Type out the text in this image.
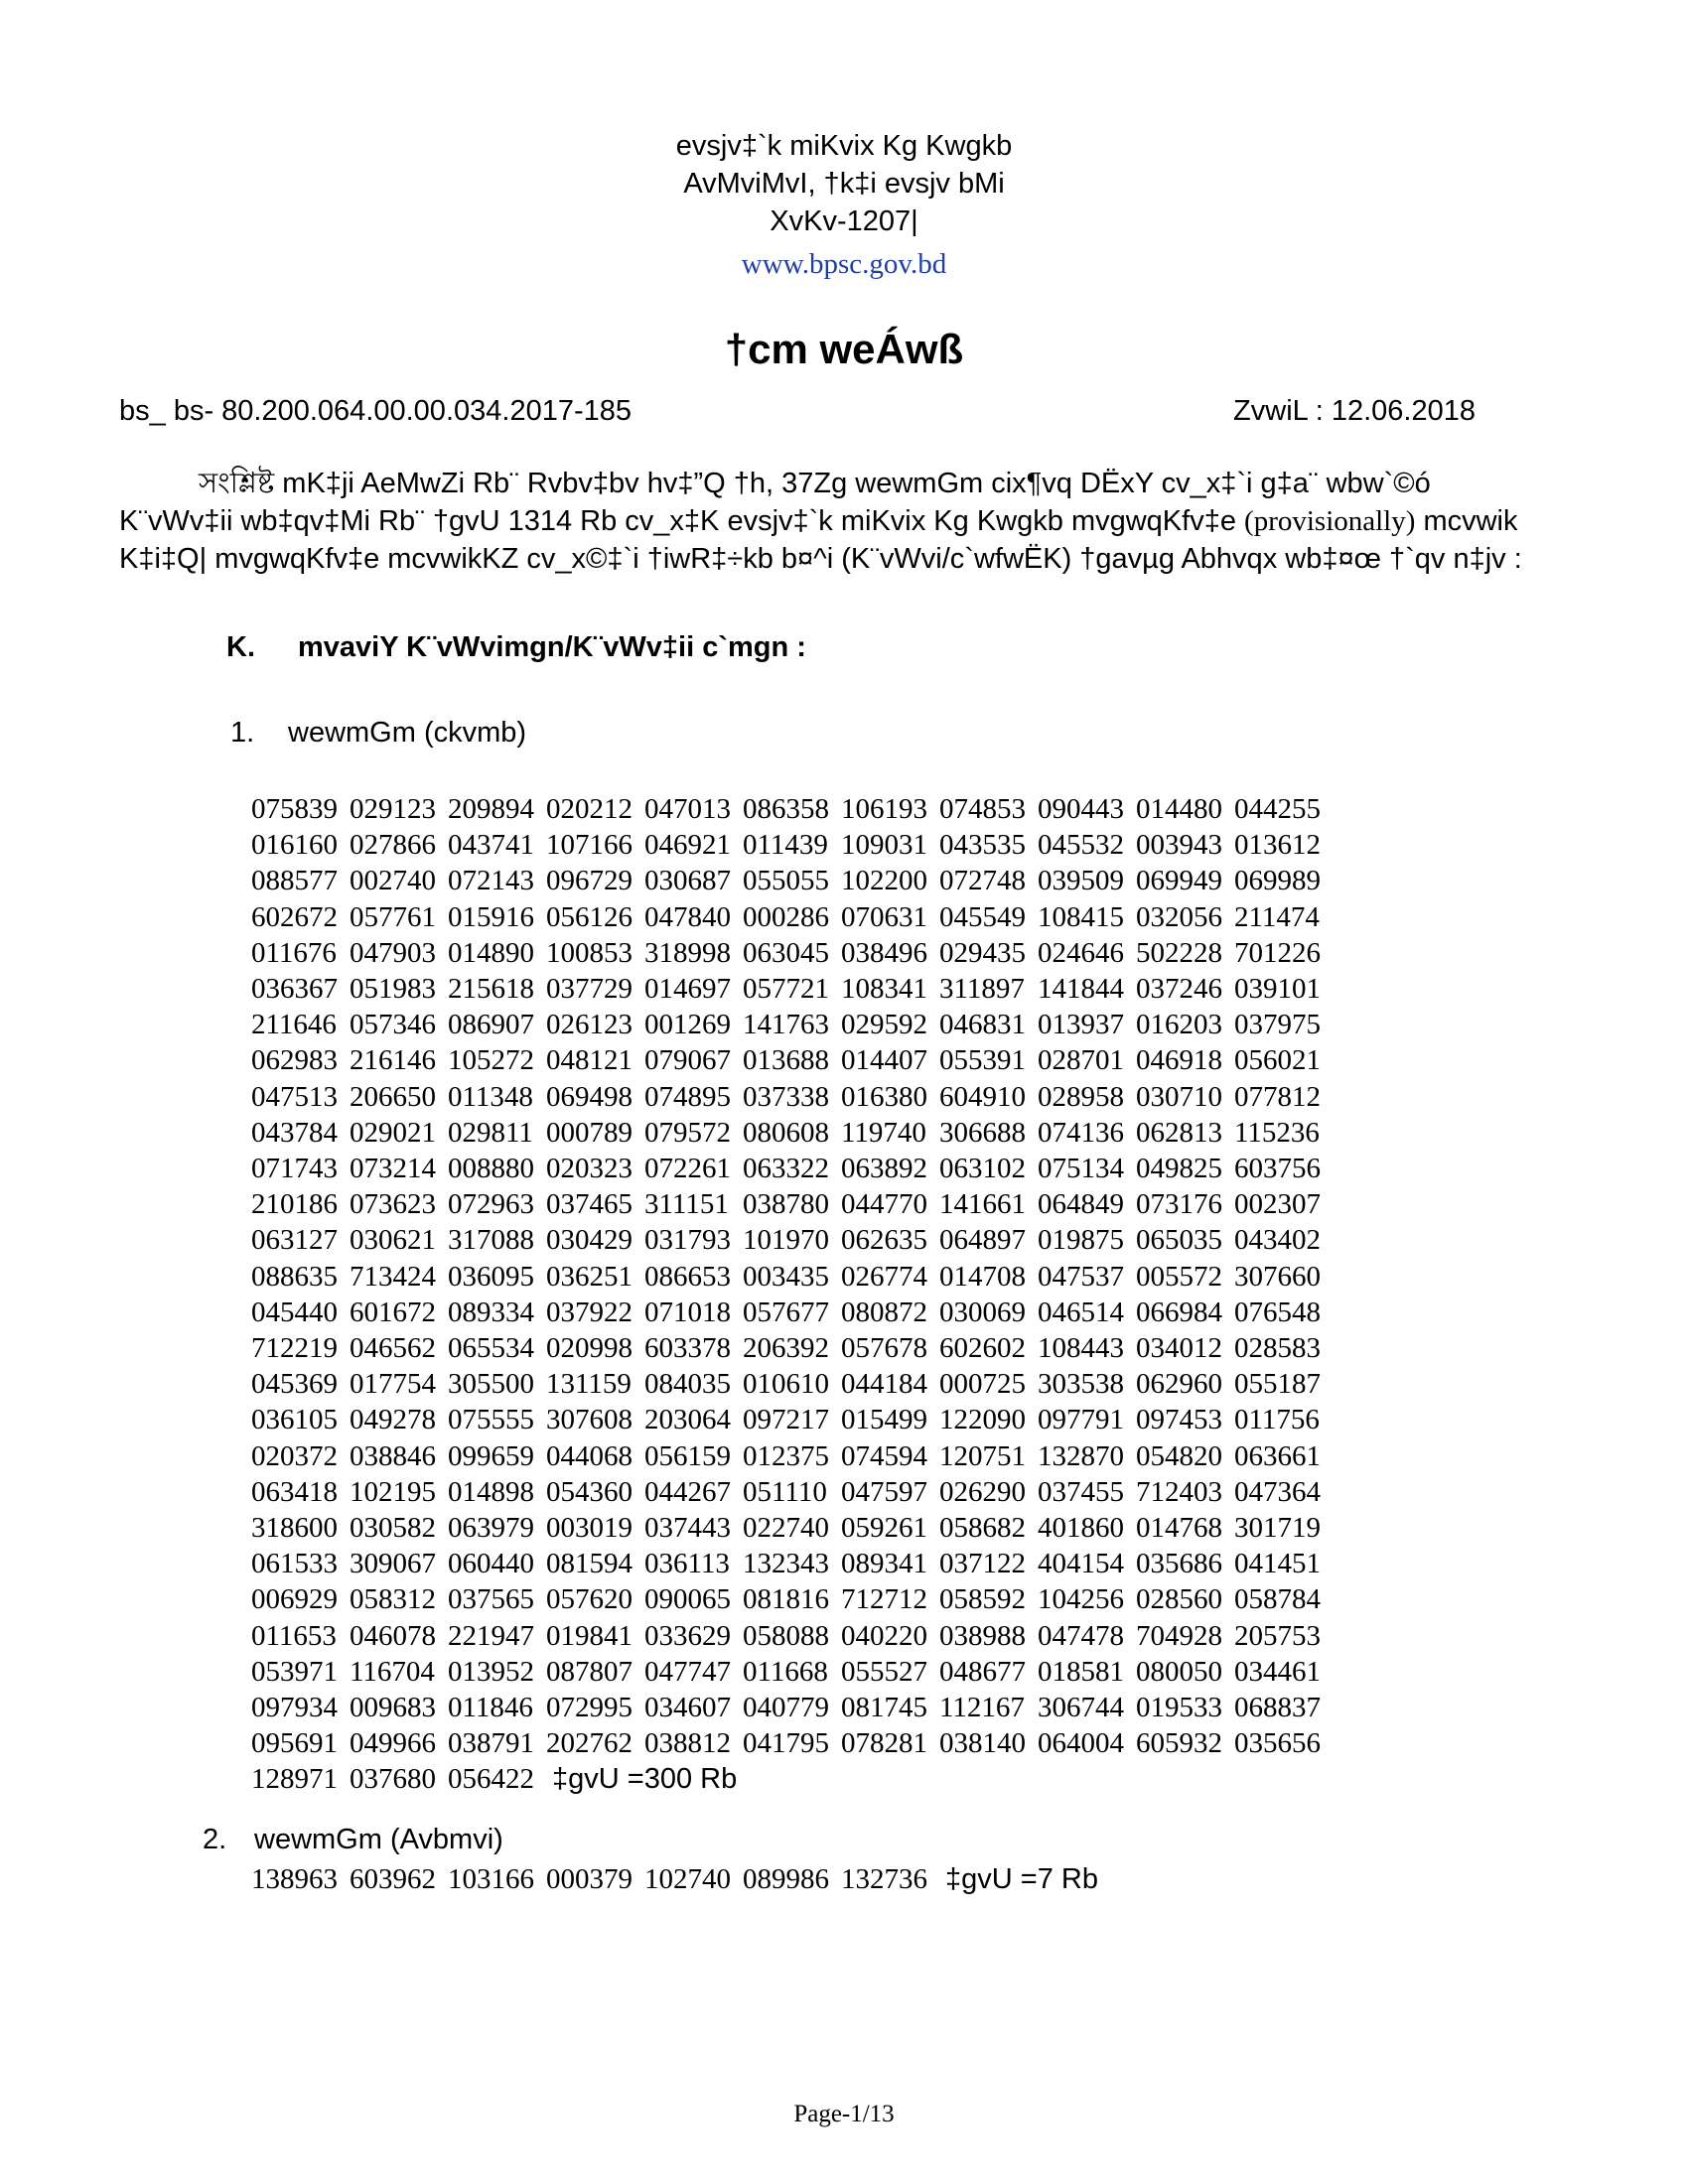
evsjv‡`k miKvix Kg Kwgkb
AvMviMvI, †k‡i evsjv bMi
XvKv-1207|
www.bpsc.gov.bd
†cm weÁwß
bs_ bs- 80.200.064.00.00.034.2017-185	ZvwiL : 12.06.2018

সংশ্লিষ্ট mK‡ji AeMwZi Rb¨ Rvbv‡bv hv‡”Q †h, 37Zg wewmGm cix¶vq DËxY cv_x‡`i g‡a¨ wbw`©ó K¨vWv‡ii wb‡qv‡Mi Rb¨ †gvU 1314 Rb cv_x‡K evsjv‡`k miKvix Kg Kwgkb mvgwqKfv‡e (provisionally) mcvwik K‡i‡Q| mvgwqKfv‡e mcvwikKZ cv_x©‡`i †iwR‡÷kb b¤^i (K¨vWvi/c`wfwËK) †gavµg Abhvqx wb‡¤œ †`qv n‡jv :

K. mvaviY K¨vWvimgn/K¨vWv‡ii c`mgn :
1. wewmGm (ckvmb)
075839 029123 209894 020212 047013 086358 106193 074853 090443 014480 044255
016160 027866 043741 107166 046921 011439 109031 043535 045532 003943 013612
088577 002740 072143 096729 030687 055055 102200 072748 039509 069949 069989
602672 057761 015916 056126 047840 000286 070631 045549 108415 032056 211474
011676 047903 014890 100853 318998 063045 038496 029435 024646 502228 701226
036367 051983 215618 037729 014697 057721 108341 311897 141844 037246 039101
211646 057346 086907 026123 001269 141763 029592 046831 013937 016203 037975
062983 216146 105272 048121 079067 013688 014407 055391 028701 046918 056021
047513 206650 011348 069498 074895 037338 016380 604910 028958 030710 077812
043784 029021 029811 000789 079572 080608 119740 306688 074136 062813 115236
071743 073214 008880 020323 072261 063322 063892 063102 075134 049825 603756
210186 073623 072963 037465 311151 038780 044770 141661 064849 073176 002307
063127 030621 317088 030429 031793 101970 062635 064897 019875 065035 043402
088635 713424 036095 036251 086653 003435 026774 014708 047537 005572 307660
045440 601672 089334 037922 071018 057677 080872 030069 046514 066984 076548
712219 046562 065534 020998 603378 206392 057678 602602 108443 034012 028583
045369 017754 305500 131159 084035 010610 044184 000725 303538 062960 055187
036105 049278 075555 307608 203064 097217 015499 122090 097791 097453 011756
020372 038846 099659 044068 056159 012375 074594 120751 132870 054820 063661
063418 102195 014898 054360 044267 051110 047597 026290 037455 712403 047364
318600 030582 063979 003019 037443 022740 059261 058682 401860 014768 301719
061533 309067 060440 081594 036113 132343 089341 037122 404154 035686 041451
006929 058312 037565 057620 090065 081816 712712 058592 104256 028560 058784
011653 046078 221947 019841 033629 058088 040220 038988 047478 704928 205753
053971 116704 013952 087807 047747 011668 055527 048677 018581 080050 034461
097934 009683 011846 072995 034607 040779 081745 112167 306744 019533 068837
095691 049966 038791 202762 038812 041795 078281 038140 064004 605932 035656
128971 037680 056422 ‡gvU =300 Rb
2. wewmGm (Avbmvi)
138963 603962 103166 000379 102740 089986 132736 ‡gvU =7 Rb
Page-1/13
